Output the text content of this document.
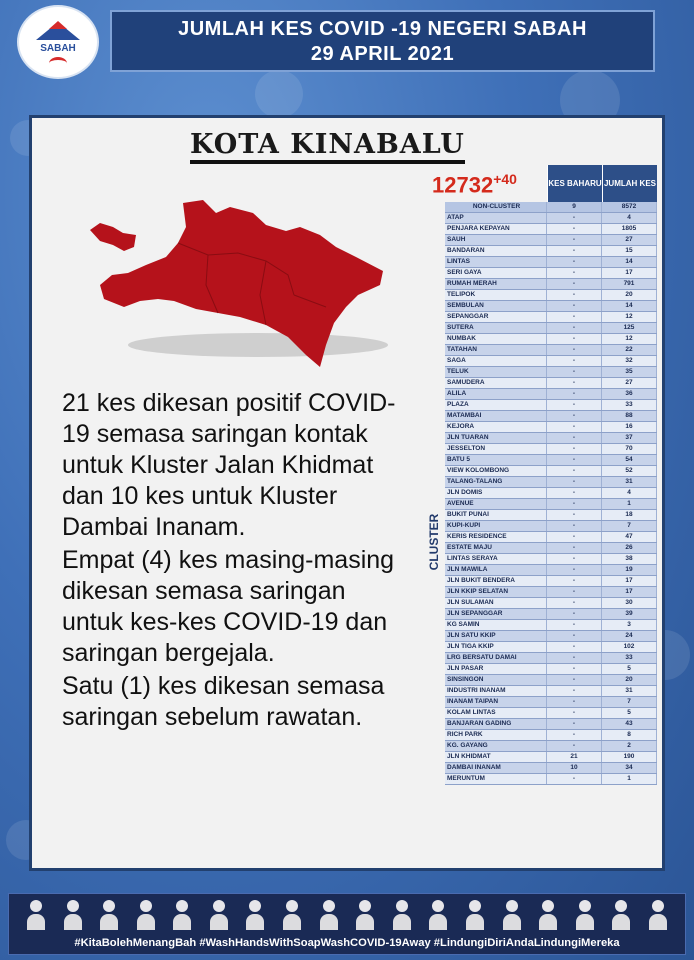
SABAH
JUMLAH KES COVID -19 NEGERI SABAH
29 APRIL 2021
KOTA KINABALU
$12732^{+40}$

21 kes dikesan positif COVID-19 semasa saringan kontak untuk Kluster Jalan Khidmat dan 10 kes untuk Kluster Dambai Inanam.

Empat (4) kes masing-masing dikesan semasa saringan untuk kes-kes COVID-19 dan saringan bergejala.

Satu (1) kes dikesan semasa saringan sebelum rawatan.

CLUSTER
KES BAHARU JUMLAH KES
NON-CLUSTER	9	8572
ATAP	-	4
PENJARA KEPAYAN	-	1805
SAUH	-	27
BANDARAN	-	15
LINTAS	-	14
SERI GAYA	-	17
RUMAH MERAH	-	791
TELIPOK	-	20
SEMBULAN	-	14
SEPANGGAR	-	12
SUTERA	-	125
NUMBAK	-	12
TATAHAN	-	22
SAGA	-	32
TELUK	-	35
SAMUDERA	-	27
ALILA	-	36
PLAZA	-	33
MATAMBAI	-	88
KEJORA	-	16
JLN TUARAN	-	37
JESSELTON	-	70
BATU 5	-	54
VIEW KOLOMBONG	-	52
TALANG-TALANG	-	31
JLN DOMIS	-	4
AVENUE	-	1
BUKIT PUNAI	-	18
KUPI-KUPI	-	7
KERIS RESIDENCE	-	47
ESTATE MAJU	-	26
LINTAS SERAYA	-	38
JLN MAWILA	-	19
JLN BUKIT BENDERA	-	17
JLN KKIP SELATAN	-	17
JLN SULAMAN	-	30
JLN SEPANGGAR	-	39
KG SAMIN	-	3
JLN SATU KKIP	-	24
JLN TIGA KKIP	-	102
LRG BERSATU DAMAI	-	33
JLN PASAR	-	5
SINSINGON	-	20
INDUSTRI INANAM	-	31
INANAM TAIPAN	-	7
KOLAM LINTAS	-	5
BANJARAN GADING	-	43
RICH PARK	-	8
KG. GAYANG	-	2
JLN KHIDMAT	21	190
DAMBAI INANAM	10	34
MERUNTUM	-	1
#KitaBolehMenangBah #WashHandsWithSoapWashCOVID-19Away #LindungiDiriAndaLindungiMereka
